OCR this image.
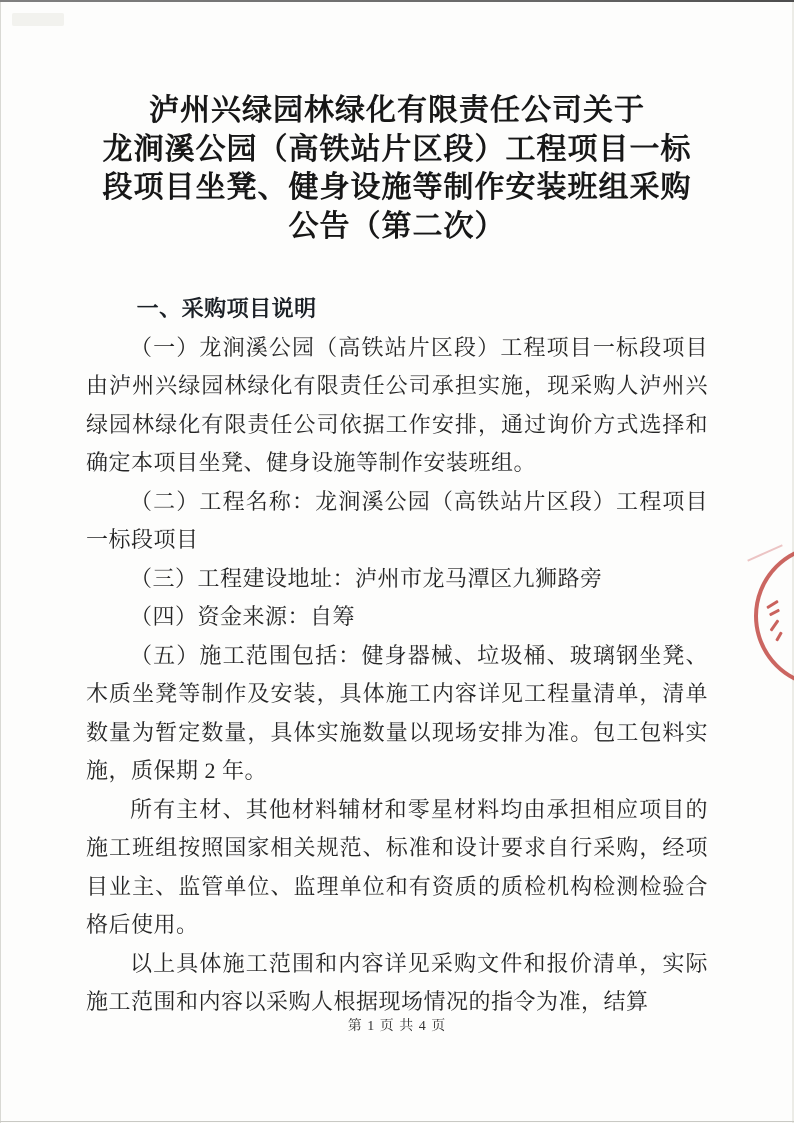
泸州兴绿园林绿化有限责任公司关于
龙涧溪公园（高铁站片区段）工程项目一标
段项目坐凳、健身设施等制作安装班组采购
公告（第二次）

一、采购项目说明

（一）龙涧溪公园（高铁站片区段）工程项目一标段项目由泸州兴绿园林绿化有限责任公司承担实施，现采购人泸州兴绿园林绿化有限责任公司依据工作安排，通过询价方式选择和确定本项目坐凳、健身设施等制作安装班组。

（二）工程名称：龙涧溪公园（高铁站片区段）工程项目一标段项目

（三）工程建设地址：泸州市龙马潭区九狮路旁

（四）资金来源：自筹

（五）施工范围包括：健身器械、垃圾桶、玻璃钢坐凳、木质坐凳等制作及安装，具体施工内容详见工程量清单，清单数量为暂定数量，具体实施数量以现场安排为准。包工包料实施，质保期 2 年。

所有主材、其他材料辅材和零星材料均由承担相应项目的施工班组按照国家相关规范、标准和设计要求自行采购，经项目业主、监管单位、监理单位和有资质的质检机构检测检验合格后使用。

以上具体施工范围和内容详见采购文件和报价清单，实际施工范围和内容以采购人根据现场情况的指令为准，结算

第 1 页 共 4 页
